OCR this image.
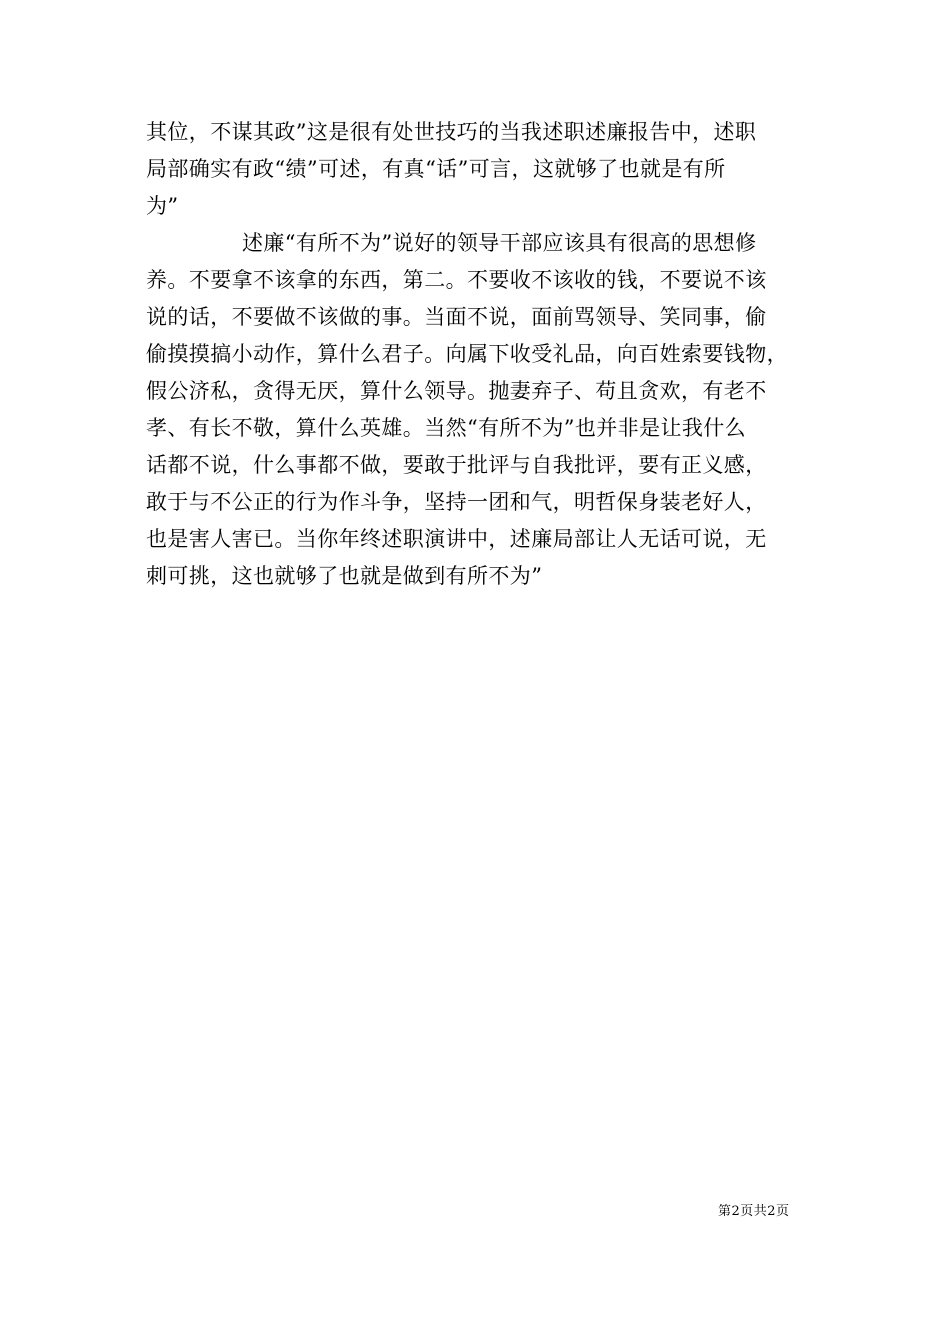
其位，不谋其政”这是很有处世技巧的当我述职述廉报告中，述职
局部确实有政“绩”可述，有真“话”可言，这就够了也就是有所
为”
述廉“有所不为”说好的领导干部应该具有很高的思想修
养。不要拿不该拿的东西，第二。不要收不该收的钱，不要说不该
说的话，不要做不该做的事。当面不说，面前骂领导、笑同事，偷
偷摸摸搞小动作，算什么君子。向属下收受礼品，向百姓索要钱物，
假公济私，贪得无厌，算什么领导。抛妻弃子、苟且贪欢，有老不
孝、有长不敬，算什么英雄。当然“有所不为”也并非是让我什么
话都不说，什么事都不做，要敢于批评与自我批评，要有正义感，
敢于与不公正的行为作斗争，坚持一团和气，明哲保身装老好人，
也是害人害已。当你年终述职演讲中，述廉局部让人无话可说，无
刺可挑，这也就够了也就是做到有所不为”
第2页共2页
